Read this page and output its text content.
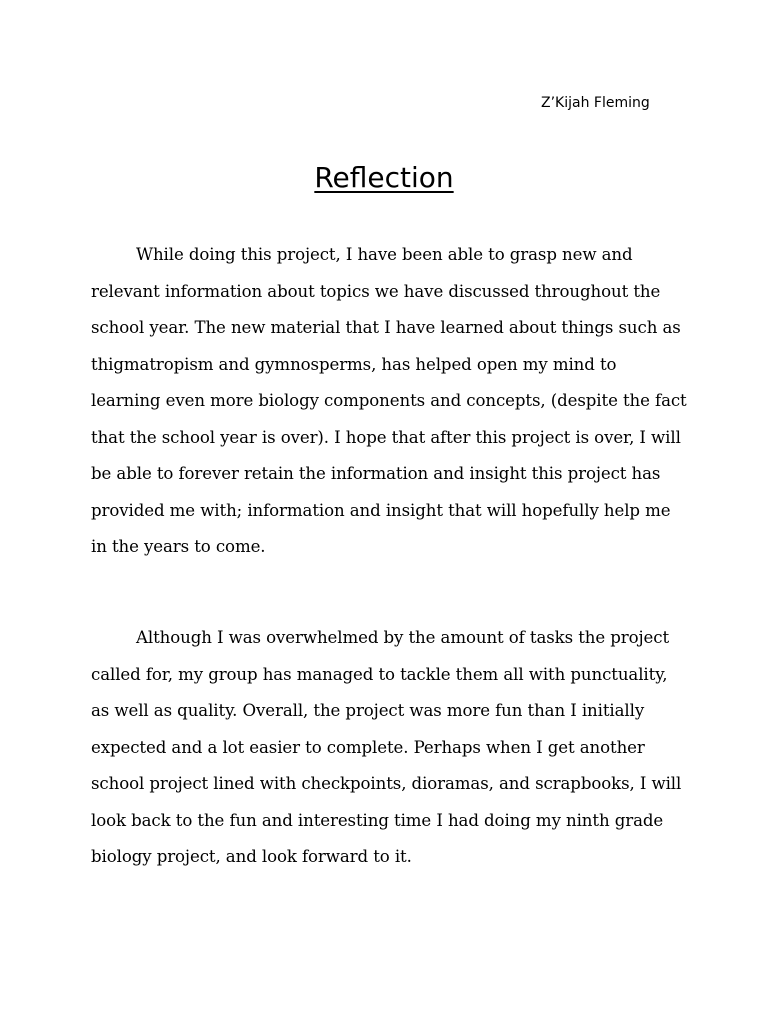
Z’Kijah Fleming
Reflection
While doing this project, I have been able to grasp new and
relevant information about topics we have discussed throughout the
school year. The new material that I have learned about things such as
thigmatropism and gymnosperms, has helped open my mind to
learning even more biology components and concepts, (despite the fact
that the school year is over). I hope that after this project is over, I will
be able to forever retain the information and insight this project has
provided me with; information and insight that will hopefully help me
in the years to come.
Although I was overwhelmed by the amount of tasks the project
called for, my group has managed to tackle them all with punctuality,
as well as quality. Overall, the project was more fun than I initially
expected and a lot easier to complete. Perhaps when I get another
school project lined with checkpoints, dioramas, and scrapbooks, I will
look back to the fun and interesting time I had doing my ninth grade
biology project, and look forward to it.
